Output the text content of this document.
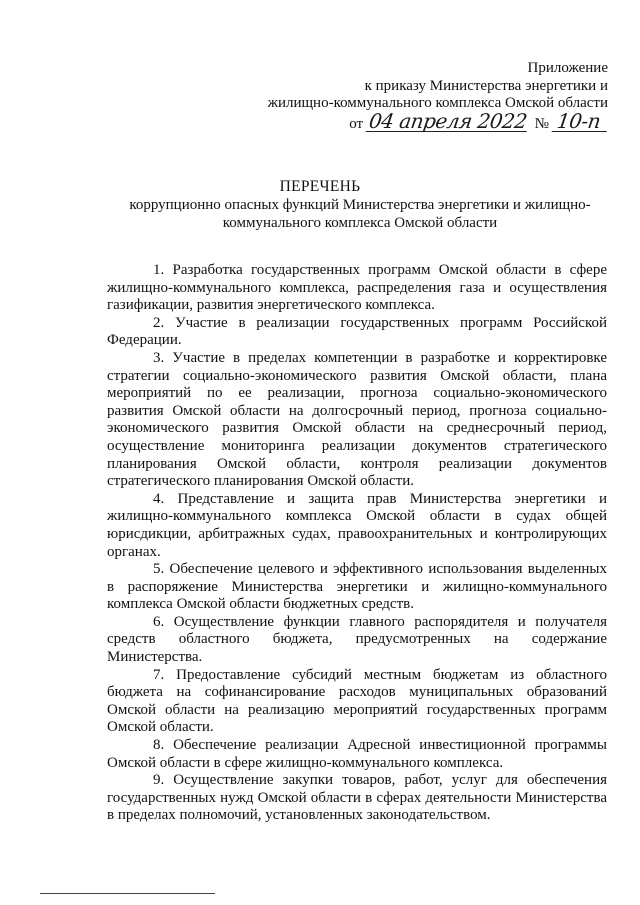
Приложение
к приказу Министерства энергетики и
жилищно-коммунального комплекса Омской области
от 04 апреля 2022 № 10-п
ПЕРЕЧЕНЬ
коррупционно опасных функций Министерства энергетики и жилищно-коммунального комплекса Омской области

1. Разработка государственных программ Омской области в сфере жилищно-коммунального комплекса, распределения газа и осуществления газификации, развития энергетического комплекса.

2. Участие в реализации государственных программ Российской Федерации.

3. Участие в пределах компетенции в разработке и корректировке стратегии социально-экономического развития Омской области, плана мероприятий по ее реализации, прогноза социально-экономического развития Омской области на долгосрочный период, прогноза социально-экономического развития Омской области на среднесрочный период, осуществление мониторинга реализации документов стратегического планирования Омской области, контроля реализации документов стратегического планирования Омской области.

4. Представление и защита прав Министерства энергетики и жилищно-коммунального комплекса Омской области в судах общей юрисдикции, арбитражных судах, правоохранительных и контролирующих органах.

5. Обеспечение целевого и эффективного использования выделенных в распоряжение Министерства энергетики и жилищно-коммунального комплекса Омской области бюджетных средств.

6. Осуществление функции главного распорядителя и получателя средств областного бюджета, предусмотренных на содержание Министерства.

7. Предоставление субсидий местным бюджетам из областного бюджета на софинансирование расходов муниципальных образований Омской области на реализацию мероприятий государственных программ Омской области.

8. Обеспечение реализации Адресной инвестиционной программы Омской области в сфере жилищно-коммунального комплекса.

9. Осуществление закупки товаров, работ, услуг для обеспечения государственных нужд Омской области в сферах деятельности Министерства в пределах полномочий, установленных законодательством.
